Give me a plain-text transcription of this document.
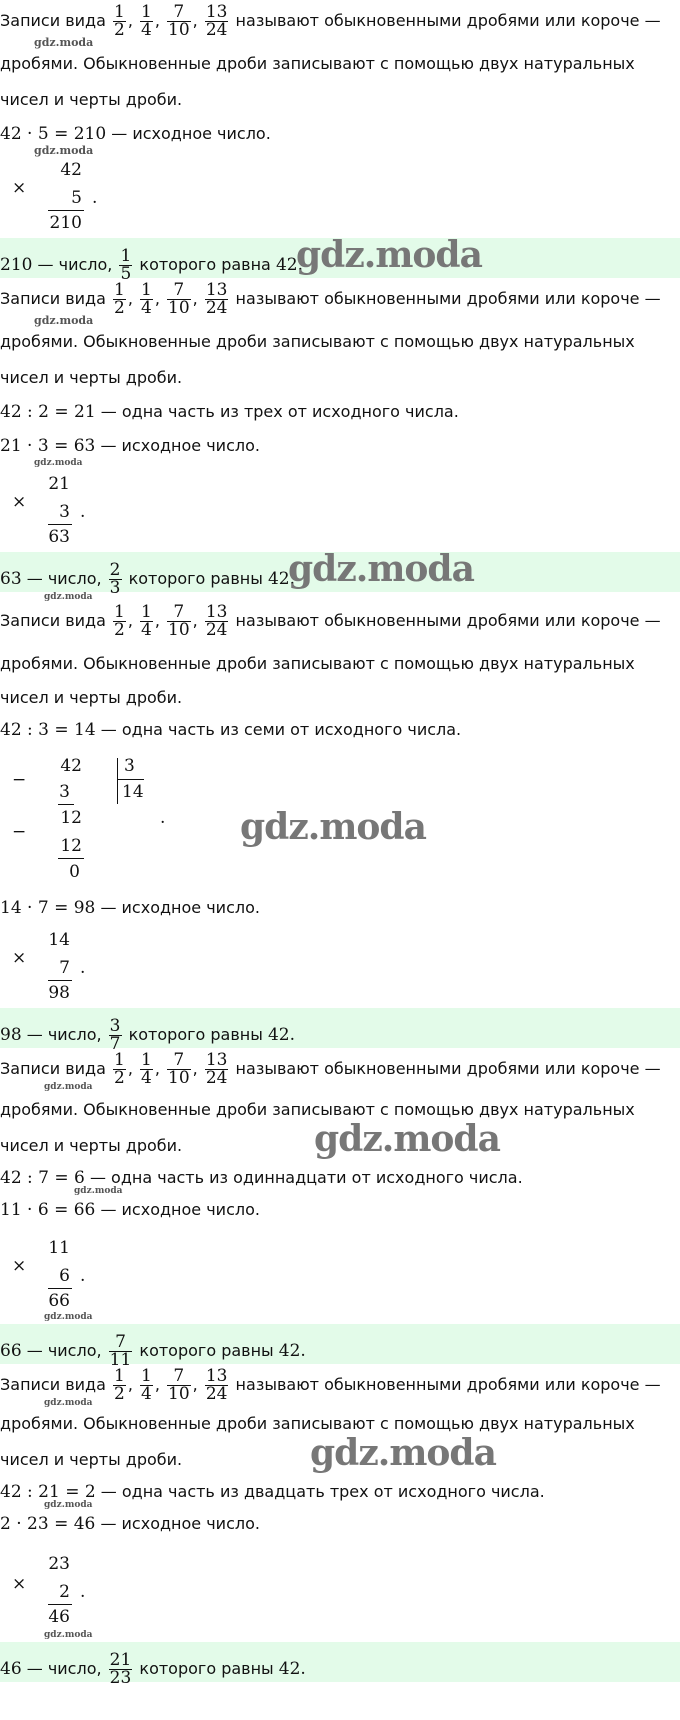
Записи вида $\frac{1}{2}$ , $\frac{1}{4}$ , $\frac{7}{10}$ , $\frac{13}{24}$ называют обыкновенными дробями или короче —
gdz.moda
дробями. Обыкновенные дроби записывают с помощью двух натуральных
чисел и черты дроби.
42 · 5 = 210 — исходное число.
gdz.moda
×
42
5 .
210
210 — число, $\frac{1}{5}$ которого равна 42.
gdz.moda
Записи вида $\frac{1}{2}$ , $\frac{1}{4}$ , $\frac{7}{10}$ , $\frac{13}{24}$ называют обыкновенными дробями или короче —
gdz.moda
дробями. Обыкновенные дроби записывают с помощью двух натуральных
чисел и черты дроби.
42 : 2 = 21 — одна часть из трех от исходного числа.
21 · 3 = 63 — исходное число.
gdz.moda
×
21
3 .
63
63 — число, $\frac{2}{3}$ которого равны 42.
gdz.moda
gdz.moda
Записи вида $\frac{1}{2}$ , $\frac{1}{4}$ , $\frac{7}{10}$ , $\frac{13}{24}$ называют обыкновенными дробями или короче —
дробями. Обыкновенные дроби записывают с помощью двух натуральных
чисел и черты дроби.
42 : 3 = 14 — одна часть из семи от исходного числа.
−
42
3
−
12
12
0
3
14
. gdz.moda
14 · 7 = 98 — исходное число.
×
14
7 .
98
98 — число, $\frac{3}{7}$ которого равны 42.
Записи вида $\frac{1}{2}$ , $\frac{1}{4}$ , $\frac{7}{10}$ , $\frac{13}{24}$ называют обыкновенными дробями или короче —
gdz.moda
дробями. Обыкновенные дроби записывают с помощью двух натуральных
чисел и черты дроби.	gdz.moda
42 : 7 = 6 — одна часть из одиннадцати от исходного числа.
gdz.moda
11 · 6 = 66 — исходное число.
×
11
6 .
66
gdz.moda
66 — число, $\frac{7}{11}$ которого равны 42.
Записи вида $\frac{1}{2}$ , $\frac{1}{4}$ , $\frac{7}{10}$ , $\frac{13}{24}$ называют обыкновенными дробями или короче —
gdz.moda
дробями. Обыкновенные дроби записывают с помощью двух натуральных
чисел и черты дроби.	gdz.moda
42 : 21 = 2 — одна часть из двадцать трех от исходного числа.
gdz.moda
2 · 23 = 46 — исходное число.
×
23
2 .
46
gdz.moda
46 — число, $\frac{21}{23}$ которого равны 42.
